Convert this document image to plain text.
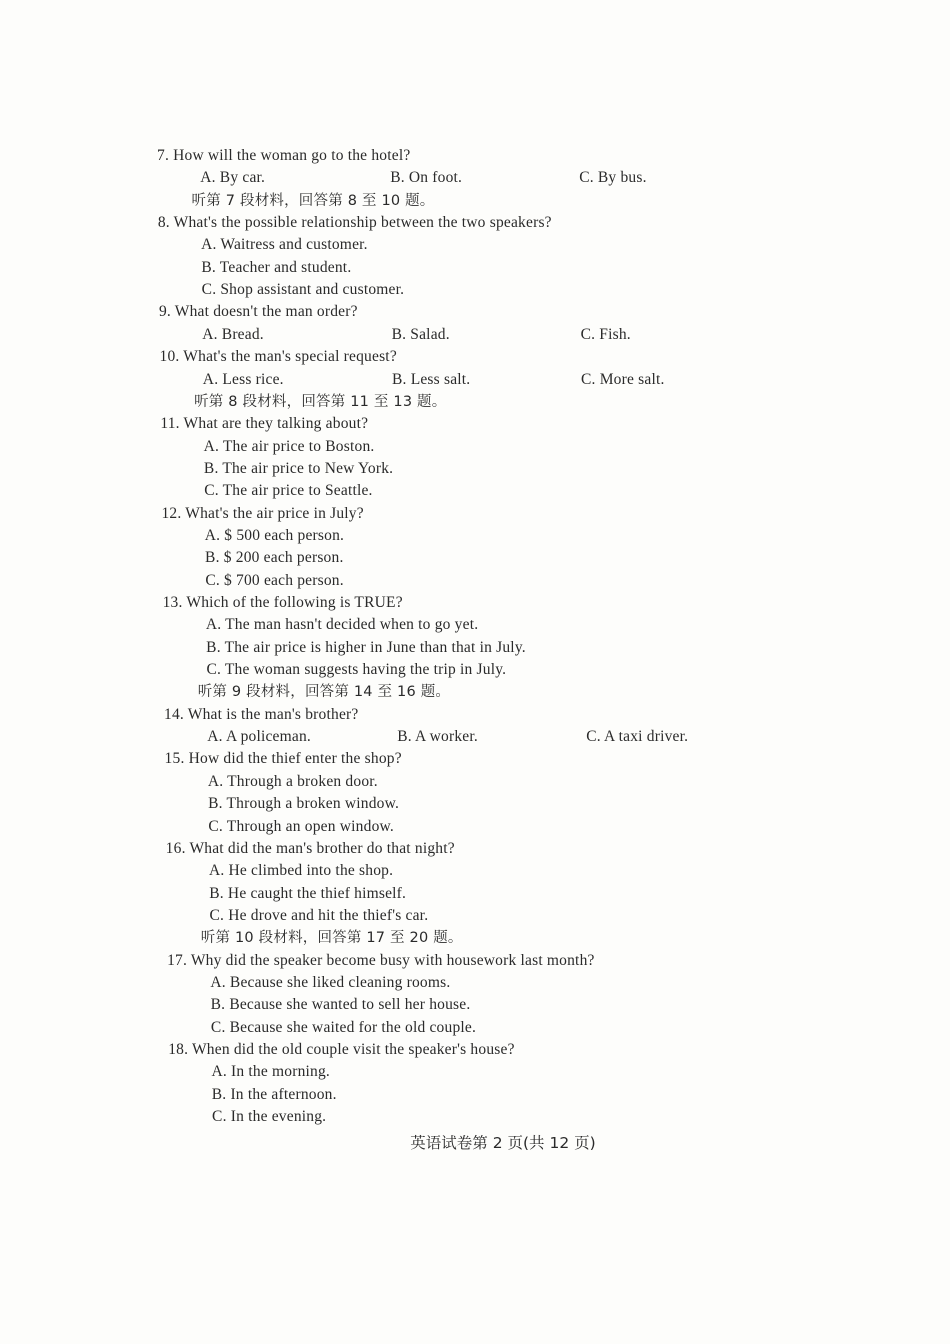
7. How will the woman go to the hotel?
A. By car.	B. On foot.	C. By bus.
听第 7 段材料，回答第 8 至 10 题。
8. What's the possible relationship between the two speakers?
A. Waitress and customer.
B. Teacher and student.
C. Shop assistant and customer.
9. What doesn't the man order?
A. Bread.	B. Salad.	C. Fish.
10. What's the man's special request?
A. Less rice.	B. Less salt.	C. More salt.
听第 8 段材料，回答第 11 至 13 题。
11. What are they talking about?
A. The air price to Boston.
B. The air price to New York.
C. The air price to Seattle.
12. What's the air price in July?
A. $ 500 each person.
B. $ 200 each person.
C. $ 700 each person.
13. Which of the following is TRUE?
A. The man hasn't decided when to go yet.
B. The air price is higher in June than that in July.
C. The woman suggests having the trip in July.
听第 9 段材料，回答第 14 至 16 题。
14. What is the man's brother?
A. A policeman.	B. A worker.	C. A taxi driver.
15. How did the thief enter the shop?
A. Through a broken door.
B. Through a broken window.
C. Through an open window.
16. What did the man's brother do that night?
A. He climbed into the shop.
B. He caught the thief himself.
C. He drove and hit the thief's car.
听第 10 段材料，回答第 17 至 20 题。
17. Why did the speaker become busy with housework last month?
A. Because she liked cleaning rooms.
B. Because she wanted to sell her house.
C. Because she waited for the old couple.
18. When did the old couple visit the speaker's house?
A. In the morning.
B. In the afternoon.
C. In the evening.
英语试卷第 2 页(共 12 页)
